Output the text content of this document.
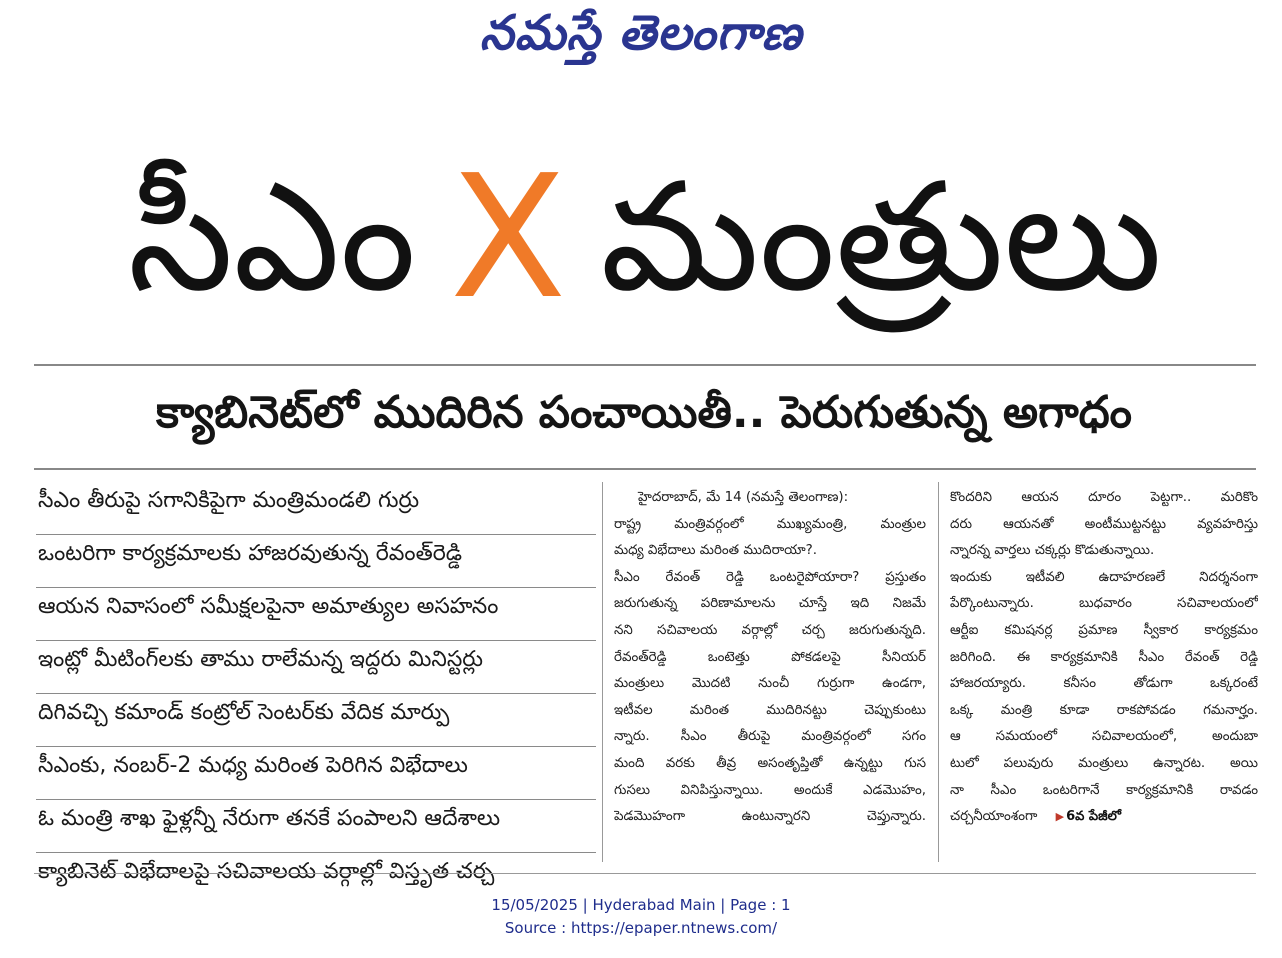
నమస్తే తెలంగాణ
సీఎం X మంత్రులు
క్యాబినెట్‌లో ముదిరిన పంచాయితీ.. పెరుగుతున్న అగాధం
సీఎం తీరుపై సగానికిపైగా మంత్రిమండలి గుర్రు
ఒంటరిగా కార్యక్రమాలకు హాజరవుతున్న రేవంత్‌రెడ్డి
ఆయన నివాసంలో సమీక్షలపైనా అమాత్యుల అసహనం
ఇంట్లో మీటింగ్‌లకు తాము రాలేమన్న ఇద్దరు మినిస్టర్లు
దిగివచ్చి కమాండ్‌ కంట్రోల్‌ సెంటర్‌కు వేదిక మార్పు
సీఎంకు, నంబర్‌-2 మధ్య మరింత పెరిగిన విభేదాలు
ఓ మంత్రి శాఖ ఫైళ్లన్నీ నేరుగా తనకే పంపాలని ఆదేశాలు
క్యాబినెట్‌ విభేదాలపై సచివాలయ వర్గాల్లో విస్తృత చర్చ
హైదరాబాద్‌, మే 14 (నమస్తే తెలంగాణ):
రాష్ట్ర మంత్రివర్గంలో ముఖ్యమంత్రి, మంత్రుల
మధ్య విభేదాలు మరింత ముదిరాయా?.
సీఎం రేవంత్‌ రెడ్డి ఒంటరైపోయారా? ప్రస్తుతం
జరుగుతున్న పరిణామాలను చూస్తే ఇది నిజమే
నని సచివాలయ వర్గాల్లో చర్చ జరుగుతున్నది.
రేవంత్‌రెడ్డి ఒంటెత్తు పోకడలపై సీనియర్‌
మంత్రులు మొదటి నుంచీ గుర్రుగా ఉండగా,
ఇటీవల మరింత ముదిరినట్టు చెప్పుకుంటు
న్నారు. సీఎం తీరుపై మంత్రివర్గంలో సగం
మంది వరకు తీవ్ర అసంతృప్తితో ఉన్నట్టు గుస
గుసలు వినిపిస్తున్నాయి. అందుకే ఎడమొహం,
పెడమొహంగా ఉంటున్నారని చెప్తున్నారు.
కొందరిని ఆయన దూరం పెట్టగా.. మరికొం
దరు ఆయనతో అంటీముట్టనట్టు వ్యవహరిస్తు
న్నారన్న వార్తలు చక్కర్లు కొడుతున్నాయి.
ఇందుకు ఇటీవలి ఉదాహరణలే నిదర్శనంగా
పేర్కొంటున్నారు. బుధవారం సచివాలయంలో
ఆర్టీఐ కమిషనర్ల ప్రమాణ స్వీకార కార్యక్రమం
జరిగింది. ఈ కార్యక్రమానికి సీఎం రేవంత్‌ రెడ్డి
హాజరయ్యారు. కనీసం తోడుగా ఒక్కరంటే
ఒక్క మంత్రి కూడా రాకపోవడం గమనార్హం.
ఆ సమయంలో సచివాలయంలో, అందుబా
టులో పలువురు మంత్రులు ఉన్నారట. అయి
నా సీఎం ఒంటరిగానే కార్యక్రమానికి రావడం
చర్చనీయాంశంగా ▶ 6వ పేజీలో
15/05/2025 | Hyderabad Main | Page : 1
Source : https://epaper.ntnews.com/
